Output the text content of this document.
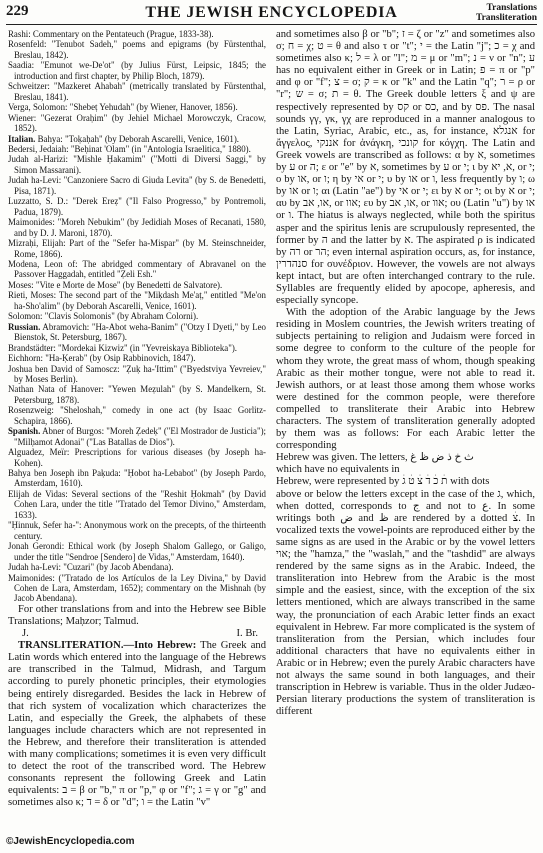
229	THE JEWISH ENCYCLOPEDIA	Translations
Transliteration

Rashi: Commentary on the Pentateuch (Prague, 1833-38).

Rosenfeld: "Tenubot Sadeh," poems and epigrams (by Fürstenthal, Breslau, 1842).

Saadia: "Emunot we-De'ot" (by Julius Fürst, Leipsic, 1845; the introduction and first chapter, by Philip Bloch, 1879).

Schweitzer: "Mazkeret Ahabah" (metrically translated by Fürstenthal, Breslau, 1841).

Verga, Solomon: "Shebeṭ Yehudah" (by Wiener, Hanover, 1856).

Wiener: "Gezerat Oraḥim" (by Jehiel Michael Morowczyk, Cracow, 1852).

Italian. Bahya: "Toḳaḥah" (by Deborah Ascarelli, Venice, 1601).

Bedersi, Jedaiah: "Beḥinat 'Olam" (in "Antologia Israelitica," 1880).

Judah al-Harizi: "Mishle Ḥakamim" ("Motti di Diversi Saggi," by Simon Massarani).

Judah ha-Levi: "Canzoniere Sacro di Giuda Levita" (by S. de Benedetti, Pisa, 1871).

Luzzatto, S. D.: "Derek Ereẓ" ("Il Falso Progresso," by Pontremoli, Padua, 1879).

Maimonides: "Moreh Nebukim" (by Jedidiah Moses of Recanati, 1580, and by D. J. Maroni, 1870).

Mizraḥi, Elijah: Part of the "Sefer ha-Mispar" (by M. Steinschneider, Rome, 1866).

Modena, Leon of: The abridged commentary of Abravanel on the Passover Haggadah, entitled "Ẓeli Esh."

Moses: "Vite e Morte de Mose" (by Benedetti de Salvatore).

Rieti, Moses: The second part of the "Miḳdash Me'aṭ," entitled "Me'on ha-Sho'alim" (by Deborah Ascarelli, Venice, 1601).

Solomon: "Clavis Solomonis" (by Abraham Colorni).

Russian. Abramovich: "Ha-Abot weha-Banim" ("Otzy I Dyeti," by Leo Bienstok, St. Petersburg, 1867).

Brandstädter: "Mordekai Kizwiz" (in "Yevreiskaya Biblioteka").

Eichhorn: "Ha-Ḳerab" (by Osip Rabbinovich, 1847).

Joshua ben David of Samoscz: "Ẓuḳ ha-'Ittim" ("Byedstviya Yevreiev," by Moses Berlin).

Nathan Nata of Hanover: "Yewen Meẓulah" (by S. Mandelkern, St. Petersburg, 1878).

Rosenzweig: "Sheloshah," comedy in one act (by Isaac Gorlitz-Schapira, 1866).

Spanish. Abner of Burgos: "Moreh Ẓedeḳ" ("El Mostrador de Justicia"); "Milḥamot Adonai" ("Las Batallas de Dios").

Alguadez, Meïr: Prescriptions for various diseases (by Joseph ha-Kohen).

Bahya ben Joseph ibn Paḳuda: "Ḥobot ha-Lebabot" (by Joseph Pardo, Amsterdam, 1610).

Elijah de Vidas: Several sections of the "Reshit Ḥokmah" (by David Cohen Lara, under the title "Tratado del Temor Divino," Amsterdam, 1633).

"Ḥinnuk, Sefer ha-": Anonymous work on the precepts, of the thirteenth century.

Jonah Gerondi: Ethical work (by Joseph Shalom Gallego, or Galigo, under the title "Sendroe [Sendero] de Vidas," Amsterdam, 1640).

Judah ha-Levi: "Cuzari" (by Jacob Abendana).

Maimonides: ("Tratado de los Artículos de la Ley Divina," by David Cohen de Lara, Amsterdam, 1652); commentary on the Mishnah (by Jacob Abendana).

For other translations from and into the Hebrew see Bible Translations; Maḥzor; Talmud.

J.	I. Br.

TRANSLITERATION.—Into Hebrew: The Greek and Latin words which entered into the language of the Hebrews are transcribed in the Talmud, Midrash, and Targum according to purely phonetic principles, their etymologies being entirely disregarded. Besides the lack in Hebrew of that rich system of vocalization which characterizes the Latin, and especially the Greek, the alphabets of these languages include characters which are not represented in the Hebrew, and therefore their transliteration is attended with many complications; sometimes it is even very difficult to detect the root of the transcribed word. The Hebrew consonants represent the following Greek and Latin equivalents: ב = β or "b," π or "p," φ or "f"; ג = γ or "g" and sometimes also κ; ד = δ or "d"; ו = the Latin "v"

and sometimes also β or "b"; ז = ζ or "z" and sometimes also σ; ח = χ; ט = θ and also τ or "t"; י = the Latin "j"; כ = χ and sometimes also κ; ל = λ or "l"; מ = μ or "m"; נ = ν or "n"; ע has no equivalent either in Greek or in Latin; פ = π or "p" and φ or "f"; צ = σ; ק = κ or "k" and the Latin "q"; ר = ρ or "r"; ש = σ; ת = θ. The Greek double letters ξ and ψ are respectively represented by קס or כס, and by פס. The nasal sounds γγ, γκ, γχ are reproduced in a manner analogous to the Latin, Syriac, Arabic, etc., as, for instance, אנגלא for ἄγγελος, אננקי for ἀνάγκη, קונכי for κόγχη. The Latin and Greek vowels are transcribed as follows: α by א, sometimes by ע or ה; ε or "e" by א, sometimes by ע or י; ι by א, יא, or י; ο by או, or ו; η by אי or י; υ by או or ו, less frequently by ו; ω by או or ו; αι (Latin "ae") by אי or י; ει by א or י; οι by א or י; αυ by או, אב, or אוו; ευ by או, אב, or אוו; ου (Latin "u") by או or ו. The hiatus is always neglected, while both the spiritus asper and the spiritus lenis are scrupulously represented, the former by ה and the latter by א. The aspirated ρ is indicated by רה or הר; even internal aspiration occurs, as, for instance, סנהדרין for συνέδριον. However, the vowels are not always kept intact, but are often interchanged contrary to the rule. Syllables are frequently elided by apocope, apheresis, and especially syncope.

With the adoption of the Arabic language by the Jews residing in Moslem countries, the Jewish writers treating of subjects pertaining to religion and Judaism were forced in some degree to conform to the culture of the people for whom they wrote, the great mass of whom, though speaking Arabic as their mother tongue, were not able to read it. Jewish authors, or at least those among them whose works were destined for the common people, were therefore compelled to transliterate their Arabic into Hebrew characters. The system of transliteration generally adopted by them was as follows: For each Arabic letter the corresponding

Hebrew was given. The letters, ث خ ذ ض ظ غ

which have no equivalents in

Hebrew, were represented by תׄ כׄ דׄ צׄ טׄ גׄ with dots

above or below the letters except in the case of the ג, which, when dotted, corresponds to ج and not to ع. In some writings both ض and ظ are rendered by a dotted צׄ. In vocalized texts the vowel-points are reproduced either by the same signs as are used in the Arabic or by the vowel letters אוי; the "hamza," the "waslah," and the "tashdid" are always rendered by the same signs as in the Arabic. Indeed, the transliteration into Hebrew from the Arabic is the most simple and the easiest, since, with the exception of the six letters mentioned, which are always transcribed in the same way, the pronunciation of each Arabic letter finds an exact equivalent in Hebrew. Far more complicated is the system of transliteration from the Persian, which includes four additional characters that have no equivalents either in Arabic or in Hebrew; even the purely Arabic characters have not always the same sound in both languages, and their transcription in Hebrew is variable. Thus in the older Judæo-Persian literary productions the system of transliteration is different

©JewishEncyclopedia.com
